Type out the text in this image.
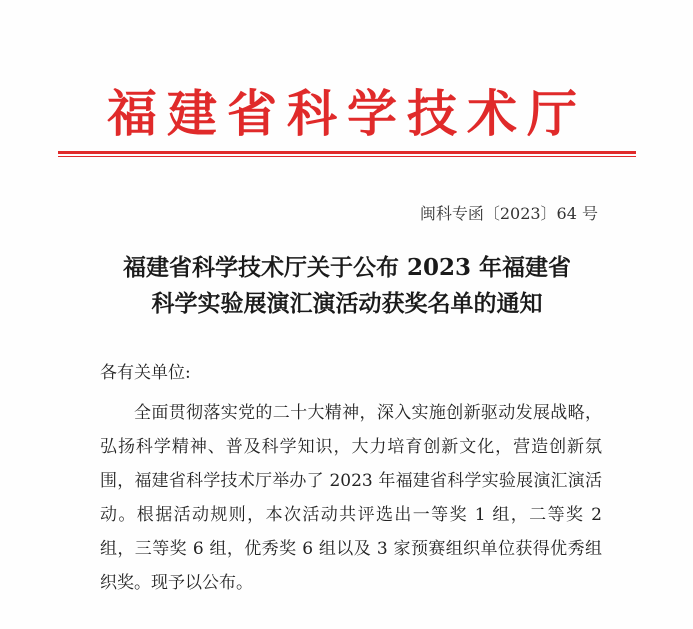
福建省科学技术厅
闽科专函〔2023〕64 号
福建省科学技术厅关于公布 2023 年福建省
科学实验展演汇演活动获奖名单的通知
各有关单位:

全面贯彻落实党的二十大精神，深入实施创新驱动发展战略，弘扬科学精神、普及科学知识，大力培育创新文化，营造创新氛围，福建省科学技术厅举办了 2023 年福建省科学实验展演汇演活动。根据活动规则，本次活动共评选出一等奖 1 组，二等奖 2 组，三等奖 6 组，优秀奖 6 组以及 3 家预赛组织单位获得优秀组织奖。现予以公布。
